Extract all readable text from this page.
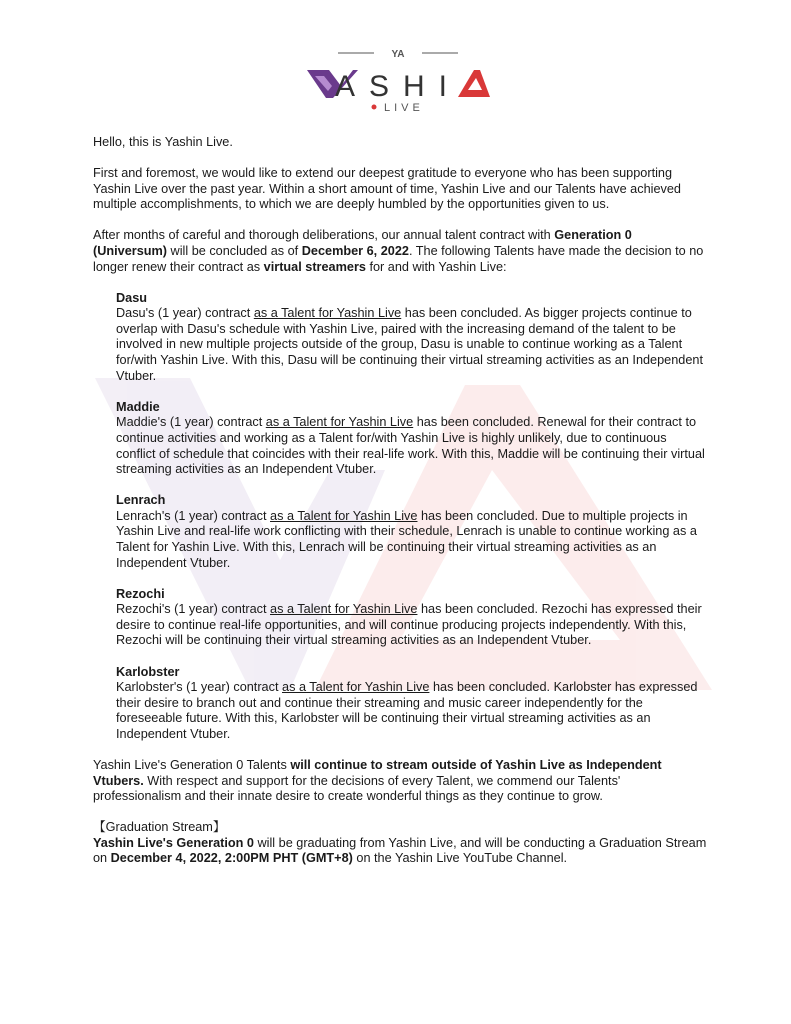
YA
ASHI
LIVE

Hello, this is Yashin Live.

First and foremost, we would like to extend our deepest gratitude to everyone who has been supporting Yashin Live over the past year. Within a short amount of time, Yashin Live and our Talents have achieved multiple accomplishments, to which we are deeply humbled by the opportunities given to us.

After months of careful and thorough deliberations, our annual talent contract with Generation 0 (Universum) will be concluded as of December 6, 2022. The following Talents have made the decision to no longer renew their contract as virtual streamers for and with Yashin Live:

Dasu

Dasu's (1 year) contract as a Talent for Yashin Live has been concluded. As bigger projects continue to overlap with Dasu's schedule with Yashin Live, paired with the increasing demand of the talent to be involved in new multiple projects outside of the group, Dasu is unable to continue working as a Talent for/with Yashin Live. With this, Dasu will be continuing their virtual streaming activities as an Independent Vtuber.

Maddie

Maddie's (1 year) contract as a Talent for Yashin Live has been concluded. Renewal for their contract to continue activities and working as a Talent for/with Yashin Live is highly unlikely, due to continuous conflict of schedule that coincides with their real-life work. With this, Maddie will be continuing their virtual streaming activities as an Independent Vtuber.

Lenrach

Lenrach's (1 year) contract as a Talent for Yashin Live has been concluded. Due to multiple projects in Yashin Live and real-life work conflicting with their schedule, Lenrach is unable to continue working as a Talent for Yashin Live. With this, Lenrach will be continuing their virtual streaming activities as an Independent Vtuber.

Rezochi

Rezochi's (1 year) contract as a Talent for Yashin Live has been concluded. Rezochi has expressed their desire to continue real-life opportunities, and will continue producing projects independently. With this, Rezochi will be continuing their virtual streaming activities as an Independent Vtuber.

Karlobster

Karlobster's (1 year) contract as a Talent for Yashin Live has been concluded. Karlobster has expressed their desire to branch out and continue their streaming and music career independently for the foreseeable future. With this, Karlobster will be continuing their virtual streaming activities as an Independent Vtuber.

Yashin Live's Generation 0 Talents will continue to stream outside of Yashin Live as Independent Vtubers. With respect and support for the decisions of every Talent, we commend our Talents' professionalism and their innate desire to create wonderful things as they continue to grow.

【Graduation Stream】

Yashin Live's Generation 0 will be graduating from Yashin Live, and will be conducting a Graduation Stream on December 4, 2022, 2:00PM PHT (GMT+8) on the Yashin Live YouTube Channel.
